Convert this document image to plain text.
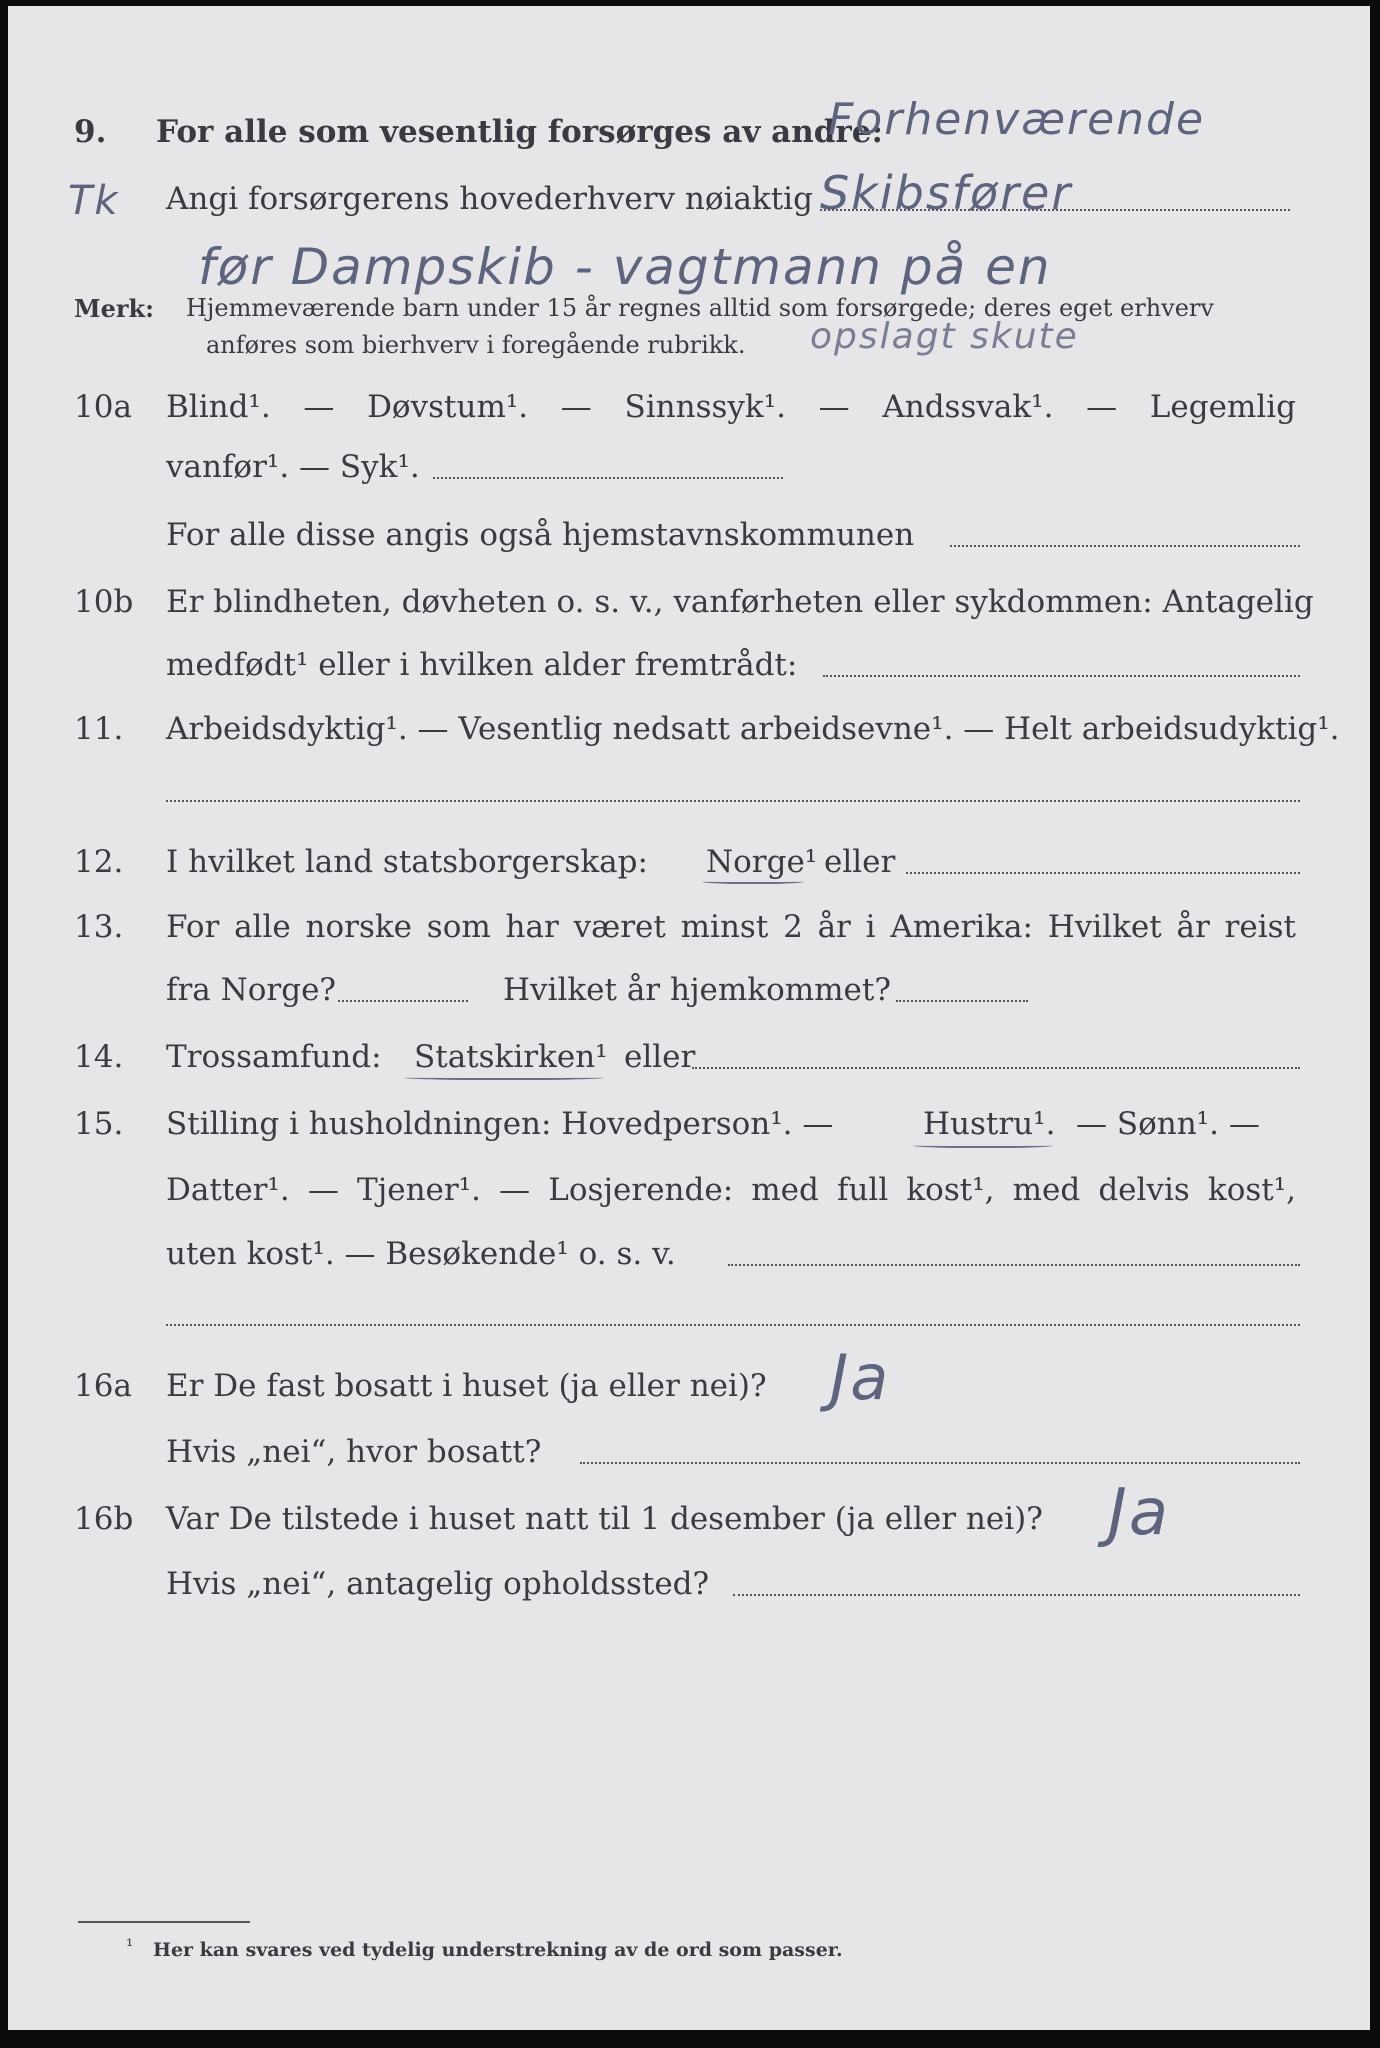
9. For alle som vesentlig forsørges av andre:
Forhenværende
Tk Angi forsørgerens hovederhverv nøiaktig Skibsfører
før Dampskib - vagtmann på en
Merk: Hjemmeværende barn under 15 år regnes alltid som forsørgede; deres eget erhverv
anføres som bierhverv i foregående rubrikk. opslagt skute
10a Blind¹. — Døvstum¹. — Sinnssyk¹. — Andssvak¹. — Legemlig
vanfør¹. — Syk¹.
For alle disse angis også hjemstavnskommunen
10b Er blindheten, døvheten o. s. v., vanførheten eller sykdommen: Antagelig
medfødt¹ eller i hvilken alder fremtrådt:
11. Arbeidsdyktig¹. — Vesentlig nedsatt arbeidsevne¹. — Helt arbeidsudyktig¹.
12. I hvilket land statsborgerskap: Norge¹ eller
13. For alle norske som har været minst 2 år i Amerika: Hvilket år reist
fra Norge?	Hvilket år hjemkommet?
14. Trossamfund: Statskirken¹ eller
15. Stilling i husholdningen: Hovedperson¹. —	Hustru¹. — Sønn¹. —
Datter¹. — Tjener¹. — Losjerende: med full kost¹, med delvis kost¹,
uten kost¹. — Besøkende¹ o. s. v.
16a Er De fast bosatt i huset (ja eller nei)? Ja
Hvis „nei“, hvor bosatt?
16b Var De tilstede i huset natt til 1 desember (ja eller nei)? Ja
Hvis „nei“, antagelig opholdssted?
¹ Her kan svares ved tydelig understrekning av de ord som passer.
